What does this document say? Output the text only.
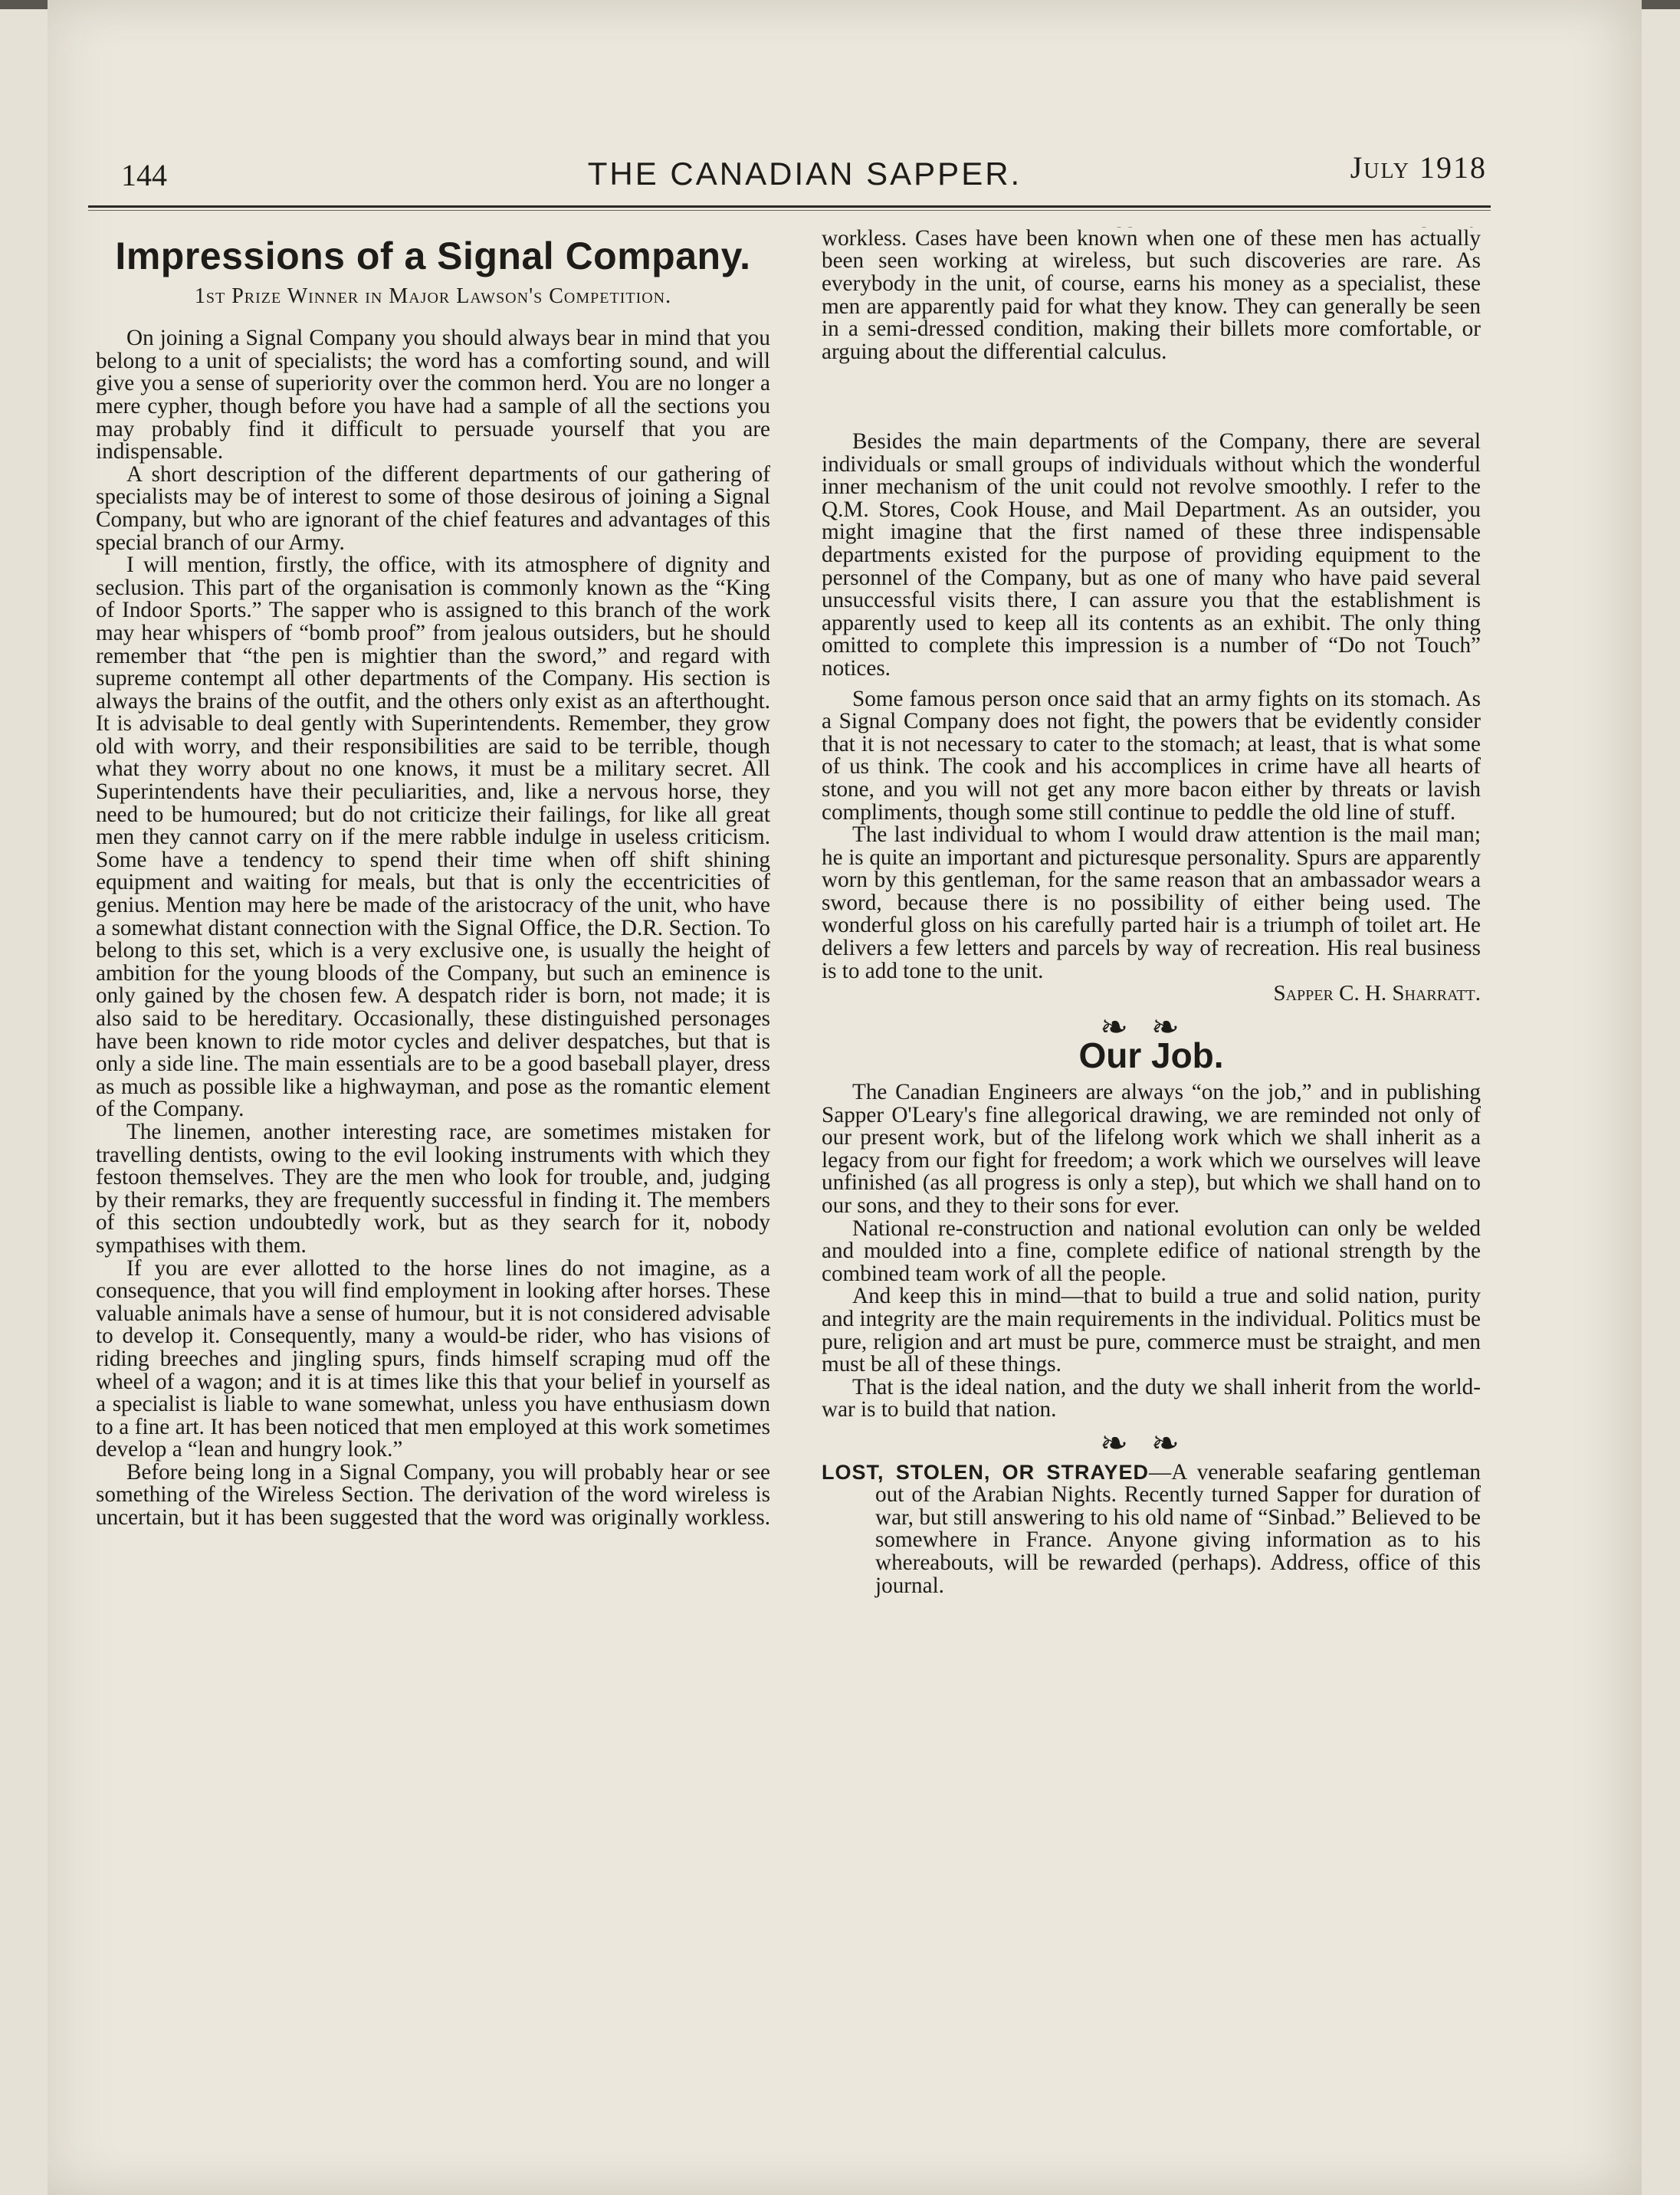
144	THE CANADIAN SAPPER.	July 1918
Impressions of a Signal Company.
1st Prize Winner in Major Lawson's Competition.

On joining a Signal Company you should always bear in mind that you belong to a unit of specialists; the word has a comforting sound, and will give you a sense of superiority over the common herd. You are no longer a mere cypher, though before you have had a sample of all the sections you may probably find it difficult to persuade yourself that you are indispensable.

A short description of the different departments of our gathering of specialists may be of interest to some of those desirous of joining a Signal Company, but who are ignorant of the chief features and advantages of this special branch of our Army.

I will mention, firstly, the office, with its atmosphere of dignity and seclusion. This part of the organisation is commonly known as the “King of Indoor Sports.” The sapper who is assigned to this branch of the work may hear whispers of “bomb proof” from jealous outsiders, but he should remember that “the pen is mightier than the sword,” and regard with supreme contempt all other departments of the Company. His section is always the brains of the outfit, and the others only exist as an afterthought. It is advisable to deal gently with Superintendents. Remember, they grow old with worry, and their responsibilities are said to be terrible, though what they worry about no one knows, it must be a military secret. All Superintendents have their peculiarities, and, like a nervous horse, they need to be humoured; but do not criticize their failings, for like all great men they cannot carry on if the mere rabble indulge in useless criticism. Some have a tendency to spend their time when off shift shining equipment and waiting for meals, but that is only the eccentricities of genius. Mention may here be made of the aristocracy of the unit, who have a somewhat distant connection with the Signal Office, the D.R. Section. To belong to this set, which is a very exclusive one, is usually the height of ambition for the young bloods of the Company, but such an eminence is only gained by the chosen few. A despatch rider is born, not made; it is also said to be hereditary. Occasionally, these distinguished personages have been known to ride motor cycles and deliver despatches, but that is only a side line. The main essentials are to be a good baseball player, dress as much as possible like a highwayman, and pose as the romantic element of the Company.

The linemen, another interesting race, are sometimes mistaken for travelling dentists, owing to the evil looking instruments with which they festoon themselves. They are the men who look for trouble, and, judging by their remarks, they are frequently successful in finding it. The members of this section undoubtedly work, but as they search for it, nobody sympathises with them.

If you are ever allotted to the horse lines do not imagine, as a consequence, that you will find employment in looking after horses. These valuable animals have a sense of humour, but it is not considered advisable to develop it. Consequently, many a would-be rider, who has visions of riding breeches and jingling spurs, finds himself scraping mud off the wheel of a wagon; and it is at times like this that your belief in yourself as a specialist is liable to wane somewhat, unless you have enthusiasm down to a fine art. It has been noticed that men employed at this work sometimes develop a “lean and hungry look.”

Before being long in a Signal Company, you will probably hear or see something of the Wireless Section. The derivation of the word wireless is uncertain, but it has been suggested that the word was originally workless.

workless. Cases have been known when one of these men has actually been seen working at wireless, but such discoveries are rare. As everybody in the unit, of course, earns his money as a specialist, these men are apparently paid for what they know. They can generally be seen in a semi-dressed condition, making their billets more comfortable, or arguing about the differential calculus.

Besides the main departments of the Company, there are several individuals or small groups of individuals without which the wonderful inner mechanism of the unit could not revolve smoothly. I refer to the Q.M. Stores, Cook House, and Mail Department. As an outsider, you might imagine that the first named of these three indispensable departments existed for the purpose of providing equipment to the personnel of the Company, but as one of many who have paid several unsuccessful visits there, I can assure you that the establishment is apparently used to keep all its contents as an exhibit. The only thing omitted to complete this impression is a number of “Do not Touch” notices.

Some famous person once said that an army fights on its stomach. As a Signal Company does not fight, the powers that be evidently consider that it is not necessary to cater to the stomach; at least, that is what some of us think. The cook and his accomplices in crime have all hearts of stone, and you will not get any more bacon either by threats or lavish compliments, though some still continue to peddle the old line of stuff.

The last individual to whom I would draw attention is the mail man; he is quite an important and picturesque personality. Spurs are apparently worn by this gentleman, for the same reason that an ambassador wears a sword, because there is no possibility of either being used. The wonderful gloss on his carefully parted hair is a triumph of toilet art. He delivers a few letters and parcels by way of recreation. His real business is to add tone to the unit.

Sapper C. H. Sharratt.

❧❧
Our Job.

The Canadian Engineers are always “on the job,” and in publishing Sapper O'Leary's fine allegorical drawing, we are reminded not only of our present work, but of the lifelong work which we shall inherit as a legacy from our fight for freedom; a work which we ourselves will leave unfinished (as all progress is only a step), but which we shall hand on to our sons, and they to their sons for ever.

National re-construction and national evolution can only be welded and moulded into a fine, complete edifice of national strength by the combined team work of all the people.

And keep this in mind—that to build a true and solid nation, purity and integrity are the main requirements in the individual. Politics must be pure, religion and art must be pure, commerce must be straight, and men must be all of these things.

That is the ideal nation, and the duty we shall inherit from the world-war is to build that nation.

❧❧

LOST, STOLEN, OR STRAYED—A venerable seafaring gentleman out of the Arabian Nights. Recently turned Sapper for duration of war, but still answering to his old name of “Sinbad.” Believed to be somewhere in France. Anyone giving information as to his whereabouts, will be rewarded (perhaps). Address, office of this journal.
